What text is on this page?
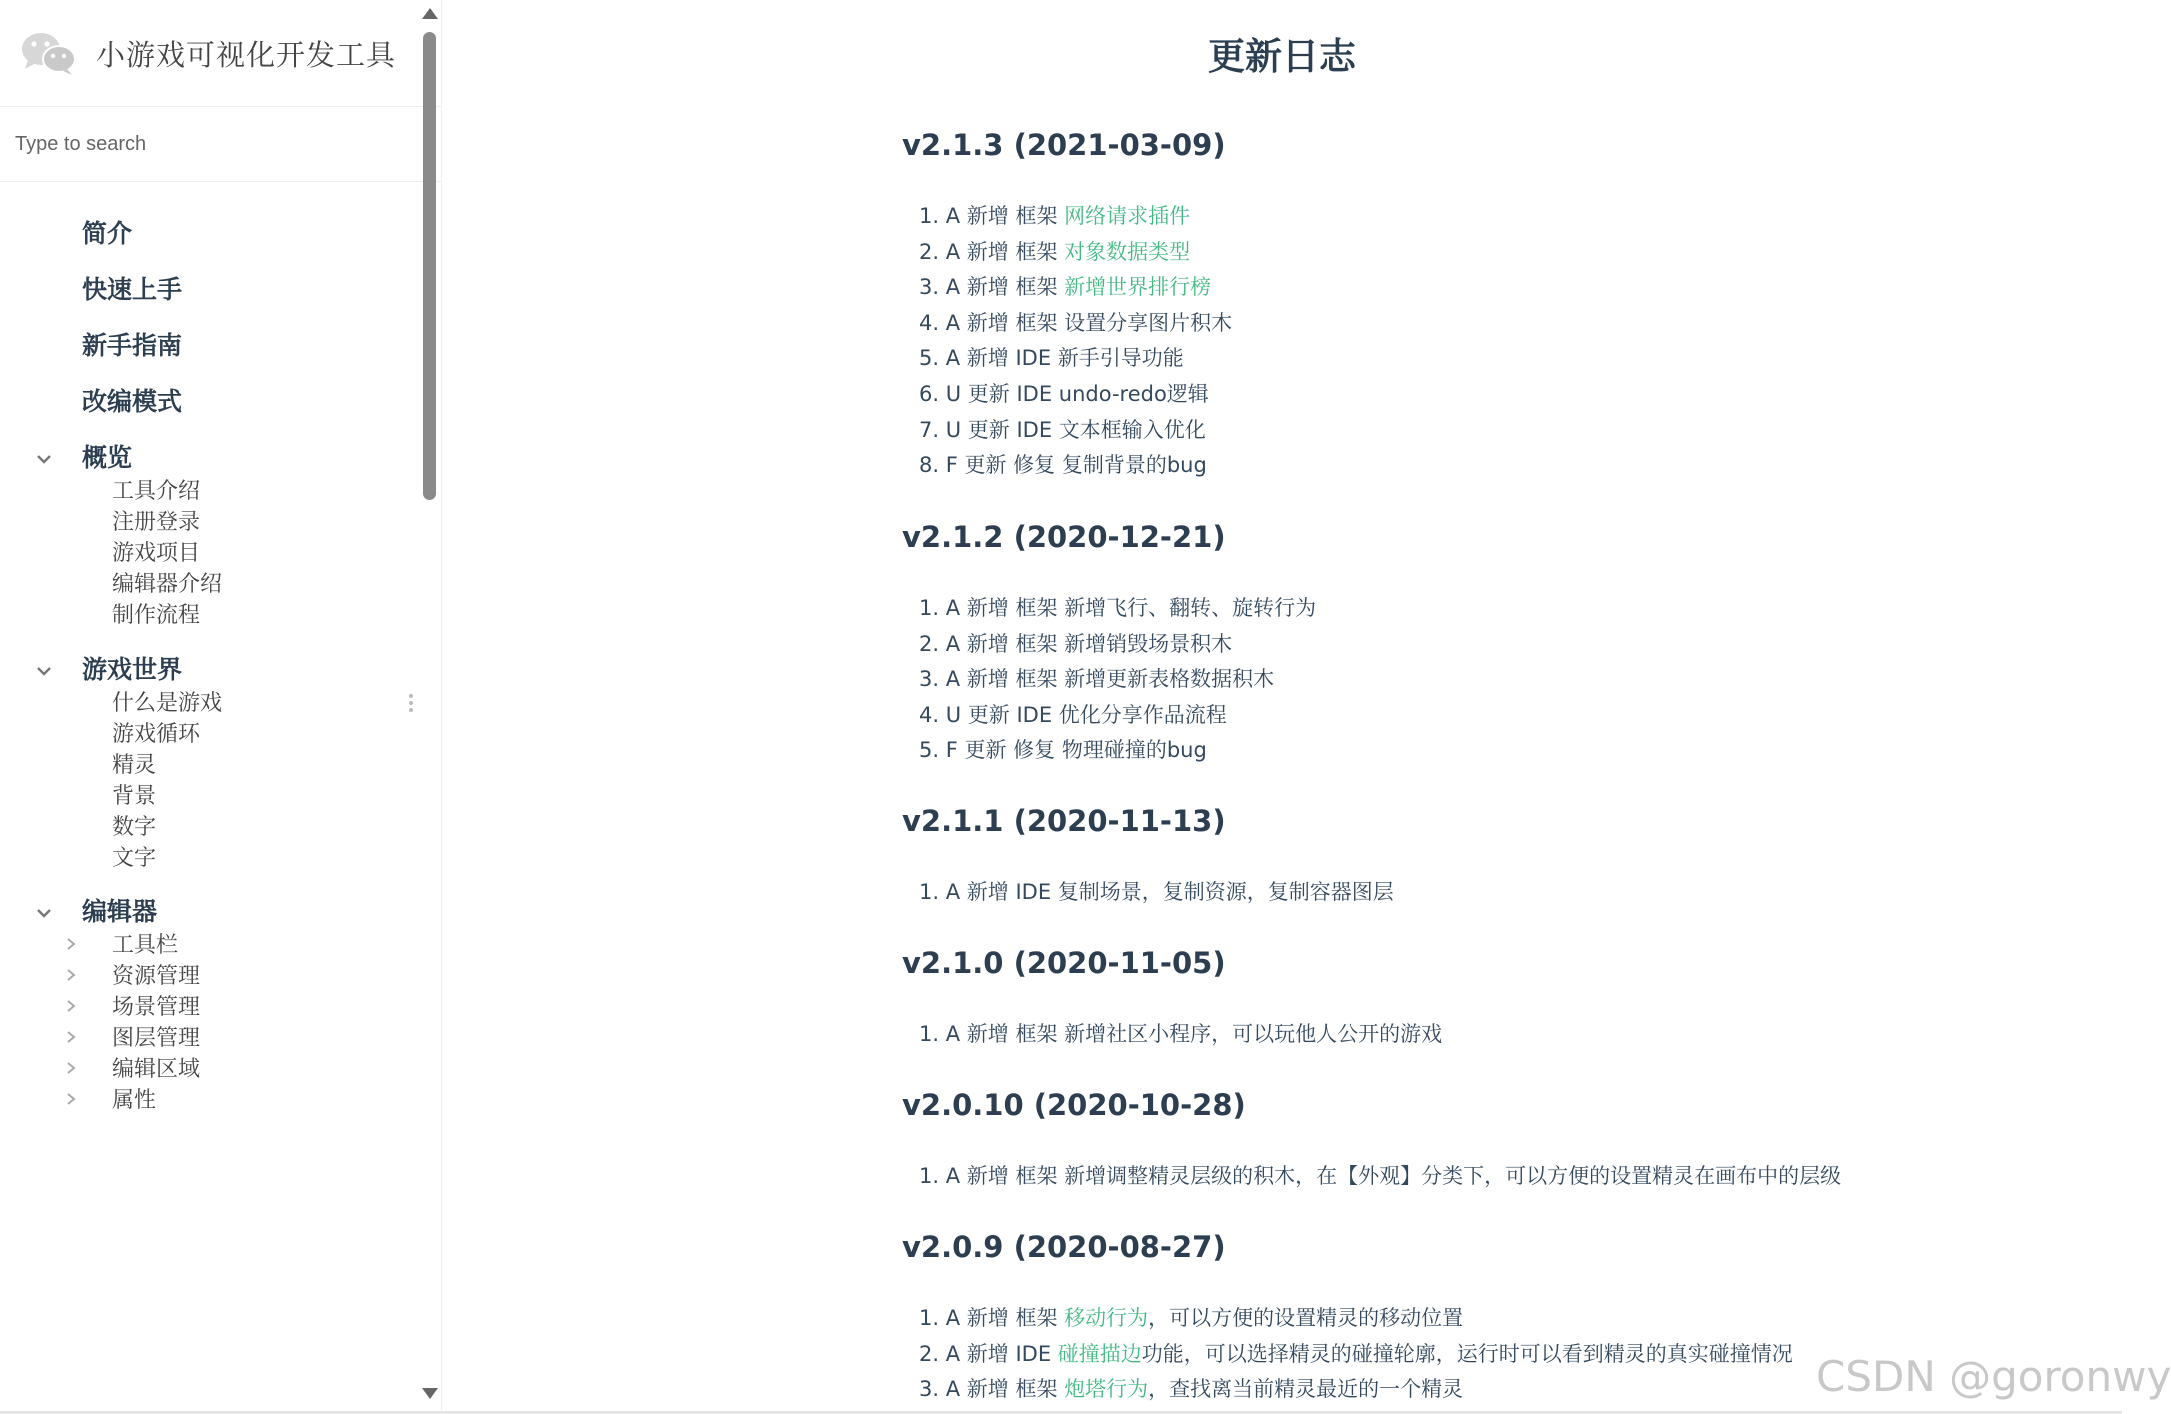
小游戏可视化开发工具
Type to search
简介
快速上手
新手指南
改编模式
概览
工具介绍
注册登录
游戏项目
编辑器介绍
制作流程
游戏世界
什么是游戏
游戏循环
精灵
背景
数字
文字
编辑器
工具栏
资源管理
场景管理
图层管理
编辑区域
属性
更新日志
v2.1.3 (2021-03-09)
1. A 新增 框架 网络请求插件
2. A 新增 框架 对象数据类型
3. A 新增 框架 新增世界排行榜
4. A 新增 框架 设置分享图片积木
5. A 新增 IDE 新手引导功能
6. U 更新 IDE undo-redo逻辑
7. U 更新 IDE 文本框输入优化
8. F 更新 修复 复制背景的bug
v2.1.2 (2020-12-21)
1. A 新增 框架 新增飞行、翻转、旋转行为
2. A 新增 框架 新增销毁场景积木
3. A 新增 框架 新增更新表格数据积木
4. U 更新 IDE 优化分享作品流程
5. F 更新 修复 物理碰撞的bug
v2.1.1 (2020-11-13)
1. A 新增 IDE 复制场景，复制资源，复制容器图层
v2.1.0 (2020-11-05)
1. A 新增 框架 新增社区小程序，可以玩他人公开的游戏
v2.0.10 (2020-10-28)
1. A 新增 框架 新增调整精灵层级的积木，在【外观】分类下，可以方便的设置精灵在画布中的层级
v2.0.9 (2020-08-27)
1. A 新增 框架 移动行为，可以方便的设置精灵的移动位置
2. A 新增 IDE 碰撞描边功能，可以选择精灵的碰撞轮廓，运行时可以看到精灵的真实碰撞情况
3. A 新增 框架 炮塔行为，查找离当前精灵最近的一个精灵	CSDN @goronwy
